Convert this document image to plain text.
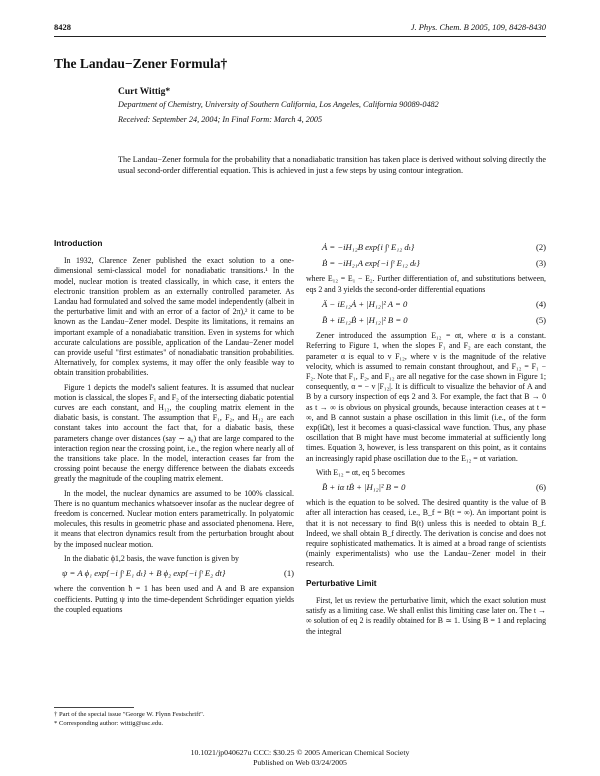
8428	J. Phys. Chem. B 2005, 109, 8428-8430
The Landau−Zener Formula†
Curt Wittig*
Department of Chemistry, University of Southern California, Los Angeles, California 90089-0482
Received: September 24, 2004; In Final Form: March 4, 2005
The Landau−Zener formula for the probability that a nonadiabatic transition has taken place is derived without solving directly the usual second-order differential equation. This is achieved in just a few steps by using contour integration.
Introduction

In 1932, Clarence Zener published the exact solution to a one-dimensional semi-classical model for nonadiabatic transitions.¹ In the model, nuclear motion is treated classically, in which case, it enters the electronic transition problem as an externally controlled parameter. As Landau had formulated and solved the same model independently (albeit in the perturbative limit and with an error of a factor of 2π),² it came to be known as the Landau−Zener model. Despite its limitations, it remains an important example of a nonadiabatic transition. Even in systems for which accurate calculations are possible, application of the Landau−Zener model can provide useful "first estimates" of nonadiabatic transition probabilities. Alternatively, for complex systems, it may offer the only feasible way to obtain transition probabilities.

Figure 1 depicts the model's salient features. It is assumed that nuclear motion is classical, the slopes F₁ and F₂ of the intersecting diabatic potential curves are each constant, and H₁₂, the coupling matrix element in the diabatic basis, is constant. The assumption that F₁, F₂, and H₁₂ are each constant takes into account the fact that, for a diabatic basis, these parameters change over distances (say ∼ a₀) that are large compared to the interaction region near the crossing point, i.e., the region where nearly all of the transitions take place. In the model, interaction ceases far from the crossing point because the energy difference between the diabats exceeds greatly the magnitude of the coupling matrix element.

In the model, the nuclear dynamics are assumed to be 100% classical. There is no quantum mechanics whatsoever insofar as the nuclear degree of freedom is concerned. Nuclear motion enters parametrically. In polyatomic molecules, this results in geometric phase and associated phenomena. Here, it means that electron dynamics result from the perturbation brought about by the imposed nuclear motion.

In the diabatic ϕ1,2 basis, the wave function is given by

ψ = A ϕ₁ exp{−i ∫ᵗ E₁ dₜ} + B ϕ₂ exp{−i ∫ᵗ E₂ dt}	(1)

where the convention ħ = 1 has been used and A and B are expansion coefficients. Putting ψ into the time-dependent Schrödinger equation yields the coupled equations

Ȧ = −iH₁₂B exp{i ∫ᵗ E₁₂ dₜ}	(2)
Ḃ = −iH₂₁A exp{−i ∫ᵗ E₁₂ dₜ}	(3)

where E₁₂ = E₁ − E₂. Further differentiation of, and substitutions between, eqs 2 and 3 yields the second-order differential equations

Ä − iE₁₂Ȧ + |H₁₂|² A = 0	(4)
B̈ + iE₁₂Ḃ + |H₁₂|² B = 0	(5)

Zener introduced the assumption E₁₂ = αt, where α is a constant. Referring to Figure 1, when the slopes F₁ and F₂ are each constant, the parameter α is equal to v F₁₂, where v is the magnitude of the relative velocity, which is assumed to remain constant throughout, and F₁₂ = F₁ − F₂. Note that F₁, F₂, and F₁₂ are all negative for the case shown in Figure 1; consequently, α = − v |F₁₂|. It is difficult to visualize the behavior of A and B by a cursory inspection of eqs 2 and 3. For example, the fact that B → 0 as t → ∞ is obvious on physical grounds, because interaction ceases at t = ∞, and B cannot sustain a phase oscillation in this limit (i.e., of the form exp(iΩt), lest it becomes a quasi-classical wave function. Thus, any phase oscillation that B might have must become immaterial at sufficiently long times. Equation 3, however, is less transparent on this point, as it contains an increasingly rapid phase oscillation due to the E₁₂ = αt variation.

With E₁₂ = αt, eq 5 becomes

B̈ + iα tḂ + |H₁₂|² B = 0	(6)

which is the equation to be solved. The desired quantity is the value of B after all interaction has ceased, i.e., B_f = B(t = ∞). An important point is that it is not necessary to find B(t) unless this is needed to obtain B_f. Indeed, we shall obtain B_f directly. The derivation is concise and does not require sophisticated mathematics. It is aimed at a broad range of scientists (mainly experimentalists) who use the Landau−Zener model in their research.

Perturbative Limit

First, let us review the perturbative limit, which the exact solution must satisfy as a limiting case. We shall enlist this limiting case later on. The t → ∞ solution of eq 2 is readily obtained for B ≃ 1. Using B = 1 and replacing the integral

† Part of the special issue "George W. Flynn Festschrift".
* Corresponding author: wittig@usc.edu.
10.1021/jp040627u CCC: $30.25 © 2005 American Chemical Society
Published on Web 03/24/2005
